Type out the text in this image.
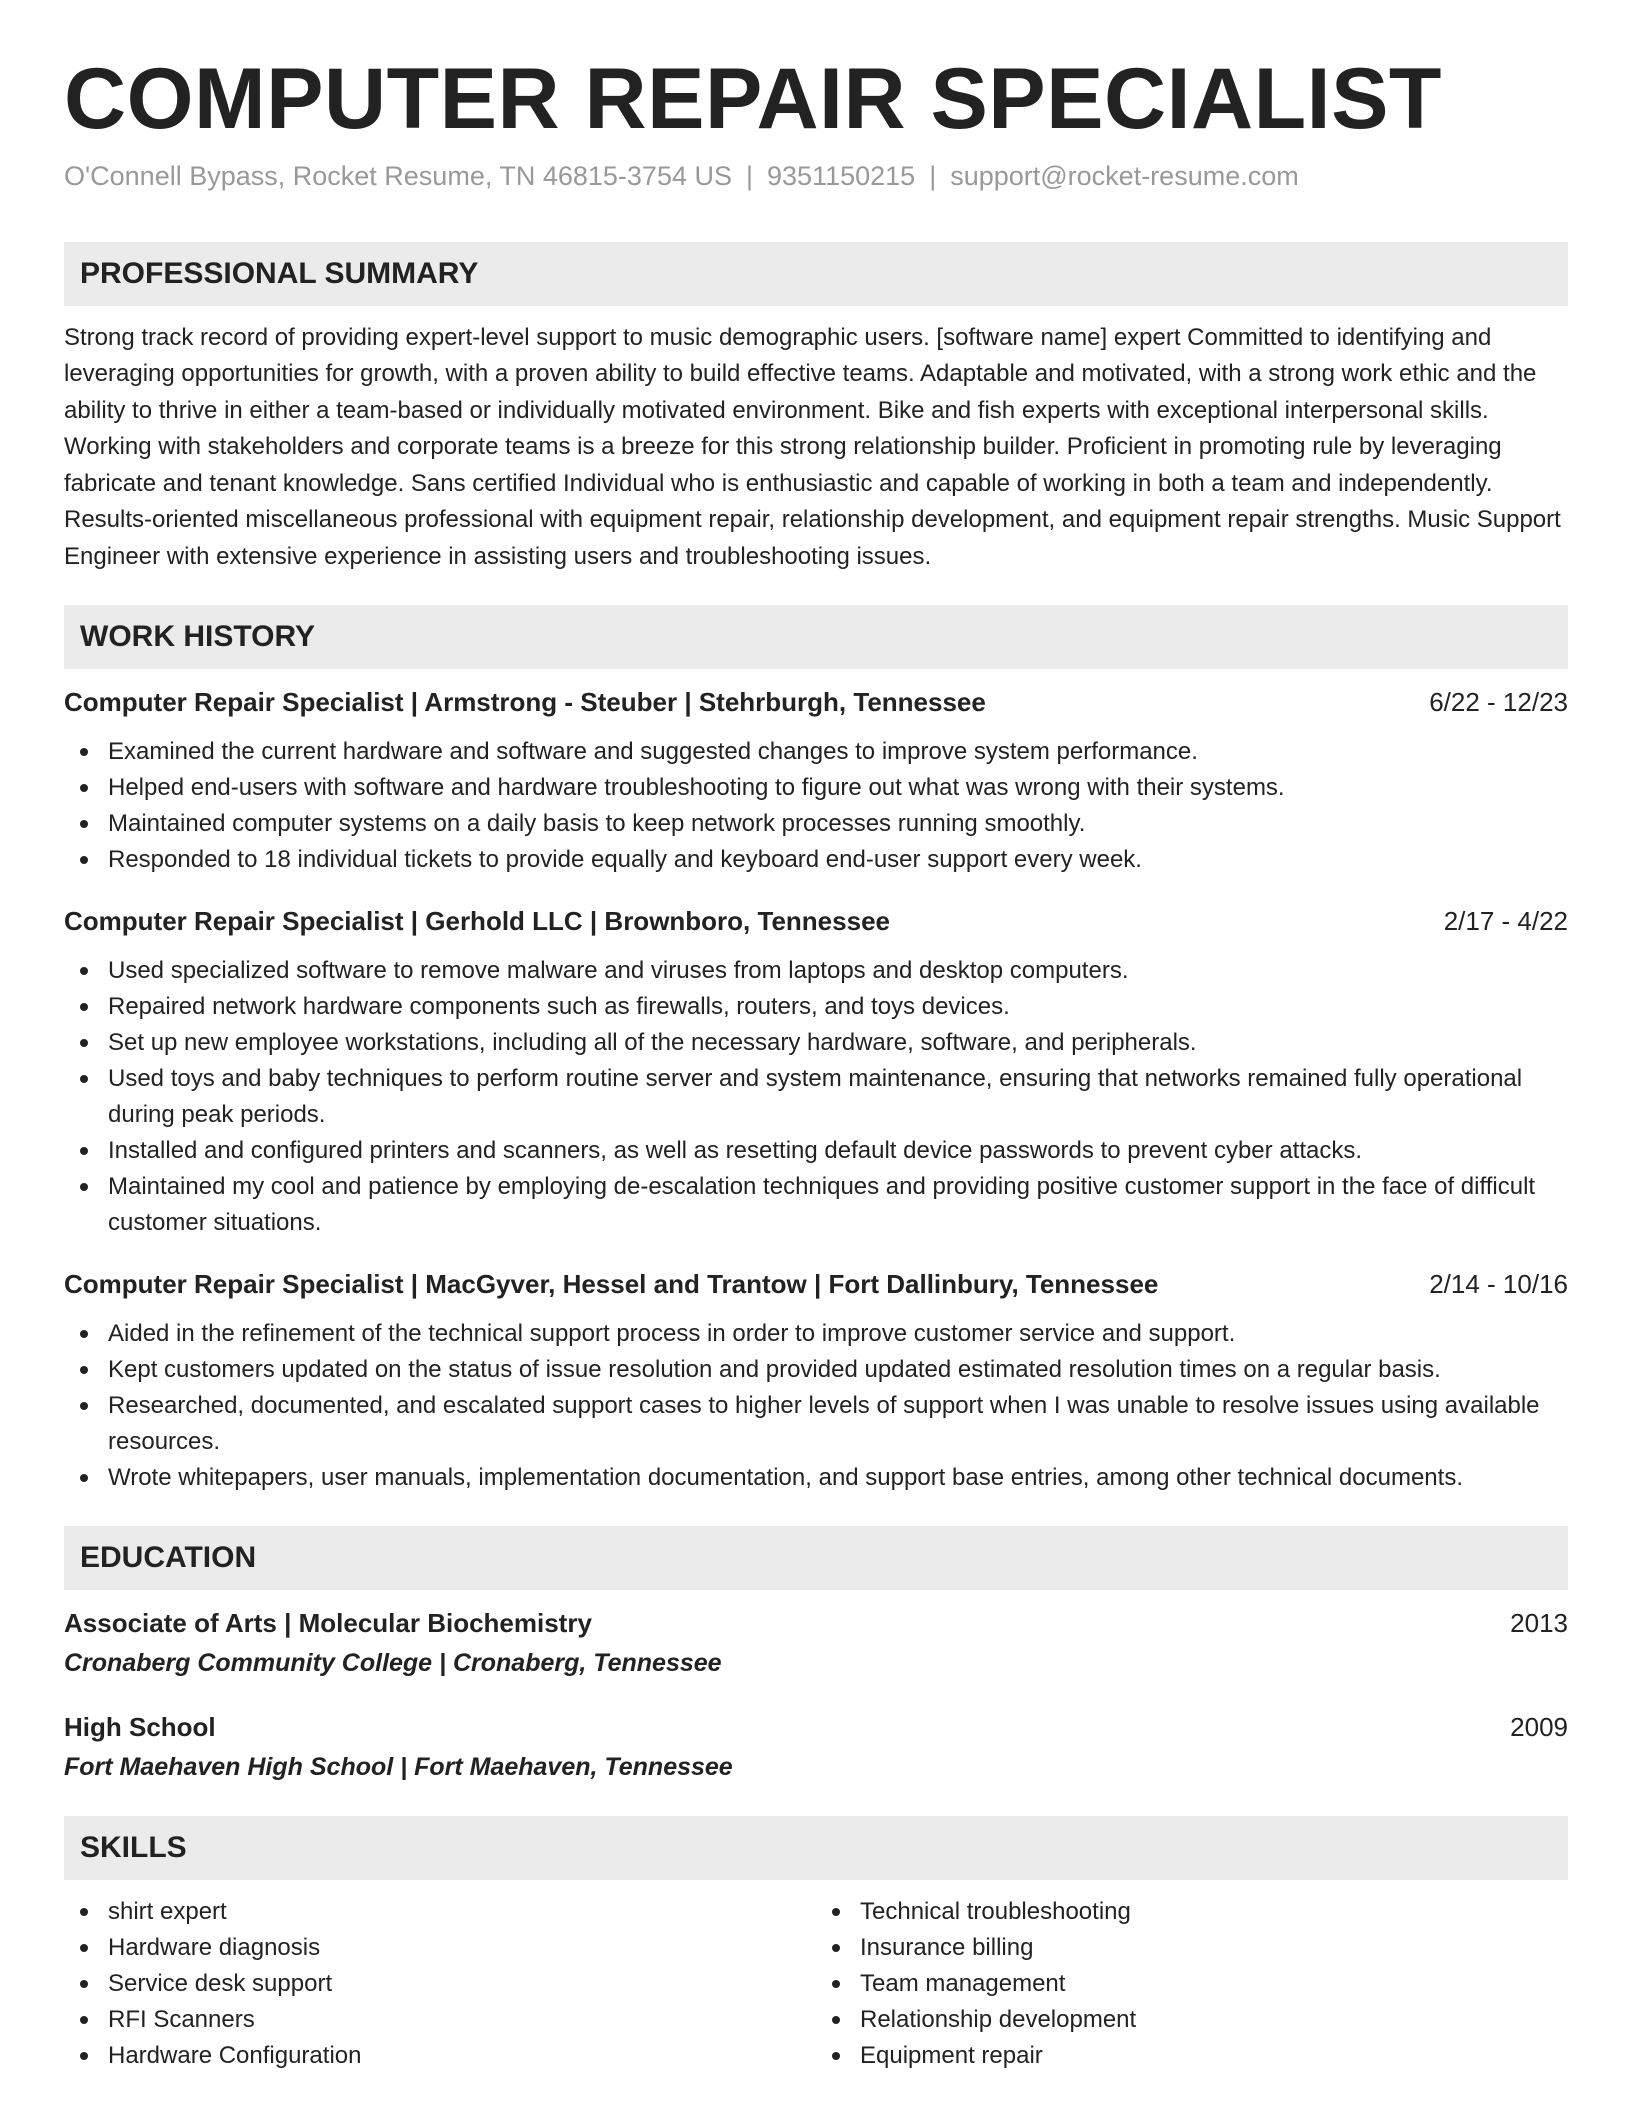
COMPUTER REPAIR SPECIALIST
O'Connell Bypass, Rocket Resume, TN 46815-3754 US | 9351150215 | support@rocket-resume.com
PROFESSIONAL SUMMARY

Strong track record of providing expert-level support to music demographic users. [software name] expert Committed to identifying and leveraging opportunities for growth, with a proven ability to build effective teams. Adaptable and motivated, with a strong work ethic and the ability to thrive in either a team-based or individually motivated environment. Bike and fish experts with exceptional interpersonal skills. Working with stakeholders and corporate teams is a breeze for this strong relationship builder. Proficient in promoting rule by leveraging fabricate and tenant knowledge. Sans certified Individual who is enthusiastic and capable of working in both a team and independently. Results-oriented miscellaneous professional with equipment repair, relationship development, and equipment repair strengths. Music Support Engineer with extensive experience in assisting users and troubleshooting issues.

WORK HISTORY
Computer Repair Specialist | Armstrong - Steuber | Stehrburgh, Tennessee	6/22 - 12/23
Examined the current hardware and software and suggested changes to improve system performance.
Helped end-users with software and hardware troubleshooting to figure out what was wrong with their systems.
Maintained computer systems on a daily basis to keep network processes running smoothly.
Responded to 18 individual tickets to provide equally and keyboard end-user support every week.
Computer Repair Specialist | Gerhold LLC | Brownboro, Tennessee	2/17 - 4/22
Used specialized software to remove malware and viruses from laptops and desktop computers.
Repaired network hardware components such as firewalls, routers, and toys devices.
Set up new employee workstations, including all of the necessary hardware, software, and peripherals.
Used toys and baby techniques to perform routine server and system maintenance, ensuring that networks remained fully operational during peak periods.
Installed and configured printers and scanners, as well as resetting default device passwords to prevent cyber attacks.
Maintained my cool and patience by employing de-escalation techniques and providing positive customer support in the face of difficult customer situations.
Computer Repair Specialist | MacGyver, Hessel and Trantow | Fort Dallinbury, Tennessee	2/14 - 10/16
Aided in the refinement of the technical support process in order to improve customer service and support.
Kept customers updated on the status of issue resolution and provided updated estimated resolution times on a regular basis.
Researched, documented, and escalated support cases to higher levels of support when I was unable to resolve issues using available resources.
Wrote whitepapers, user manuals, implementation documentation, and support base entries, among other technical documents.
EDUCATION
Associate of Arts | Molecular Biochemistry	2013
Cronaberg Community College | Cronaberg, Tennessee
High School	2009
Fort Maehaven High School | Fort Maehaven, Tennessee
SKILLS
shirt expert
Hardware diagnosis
Service desk support
RFI Scanners
Hardware Configuration
Technical troubleshooting
Insurance billing
Team management
Relationship development
Equipment repair
